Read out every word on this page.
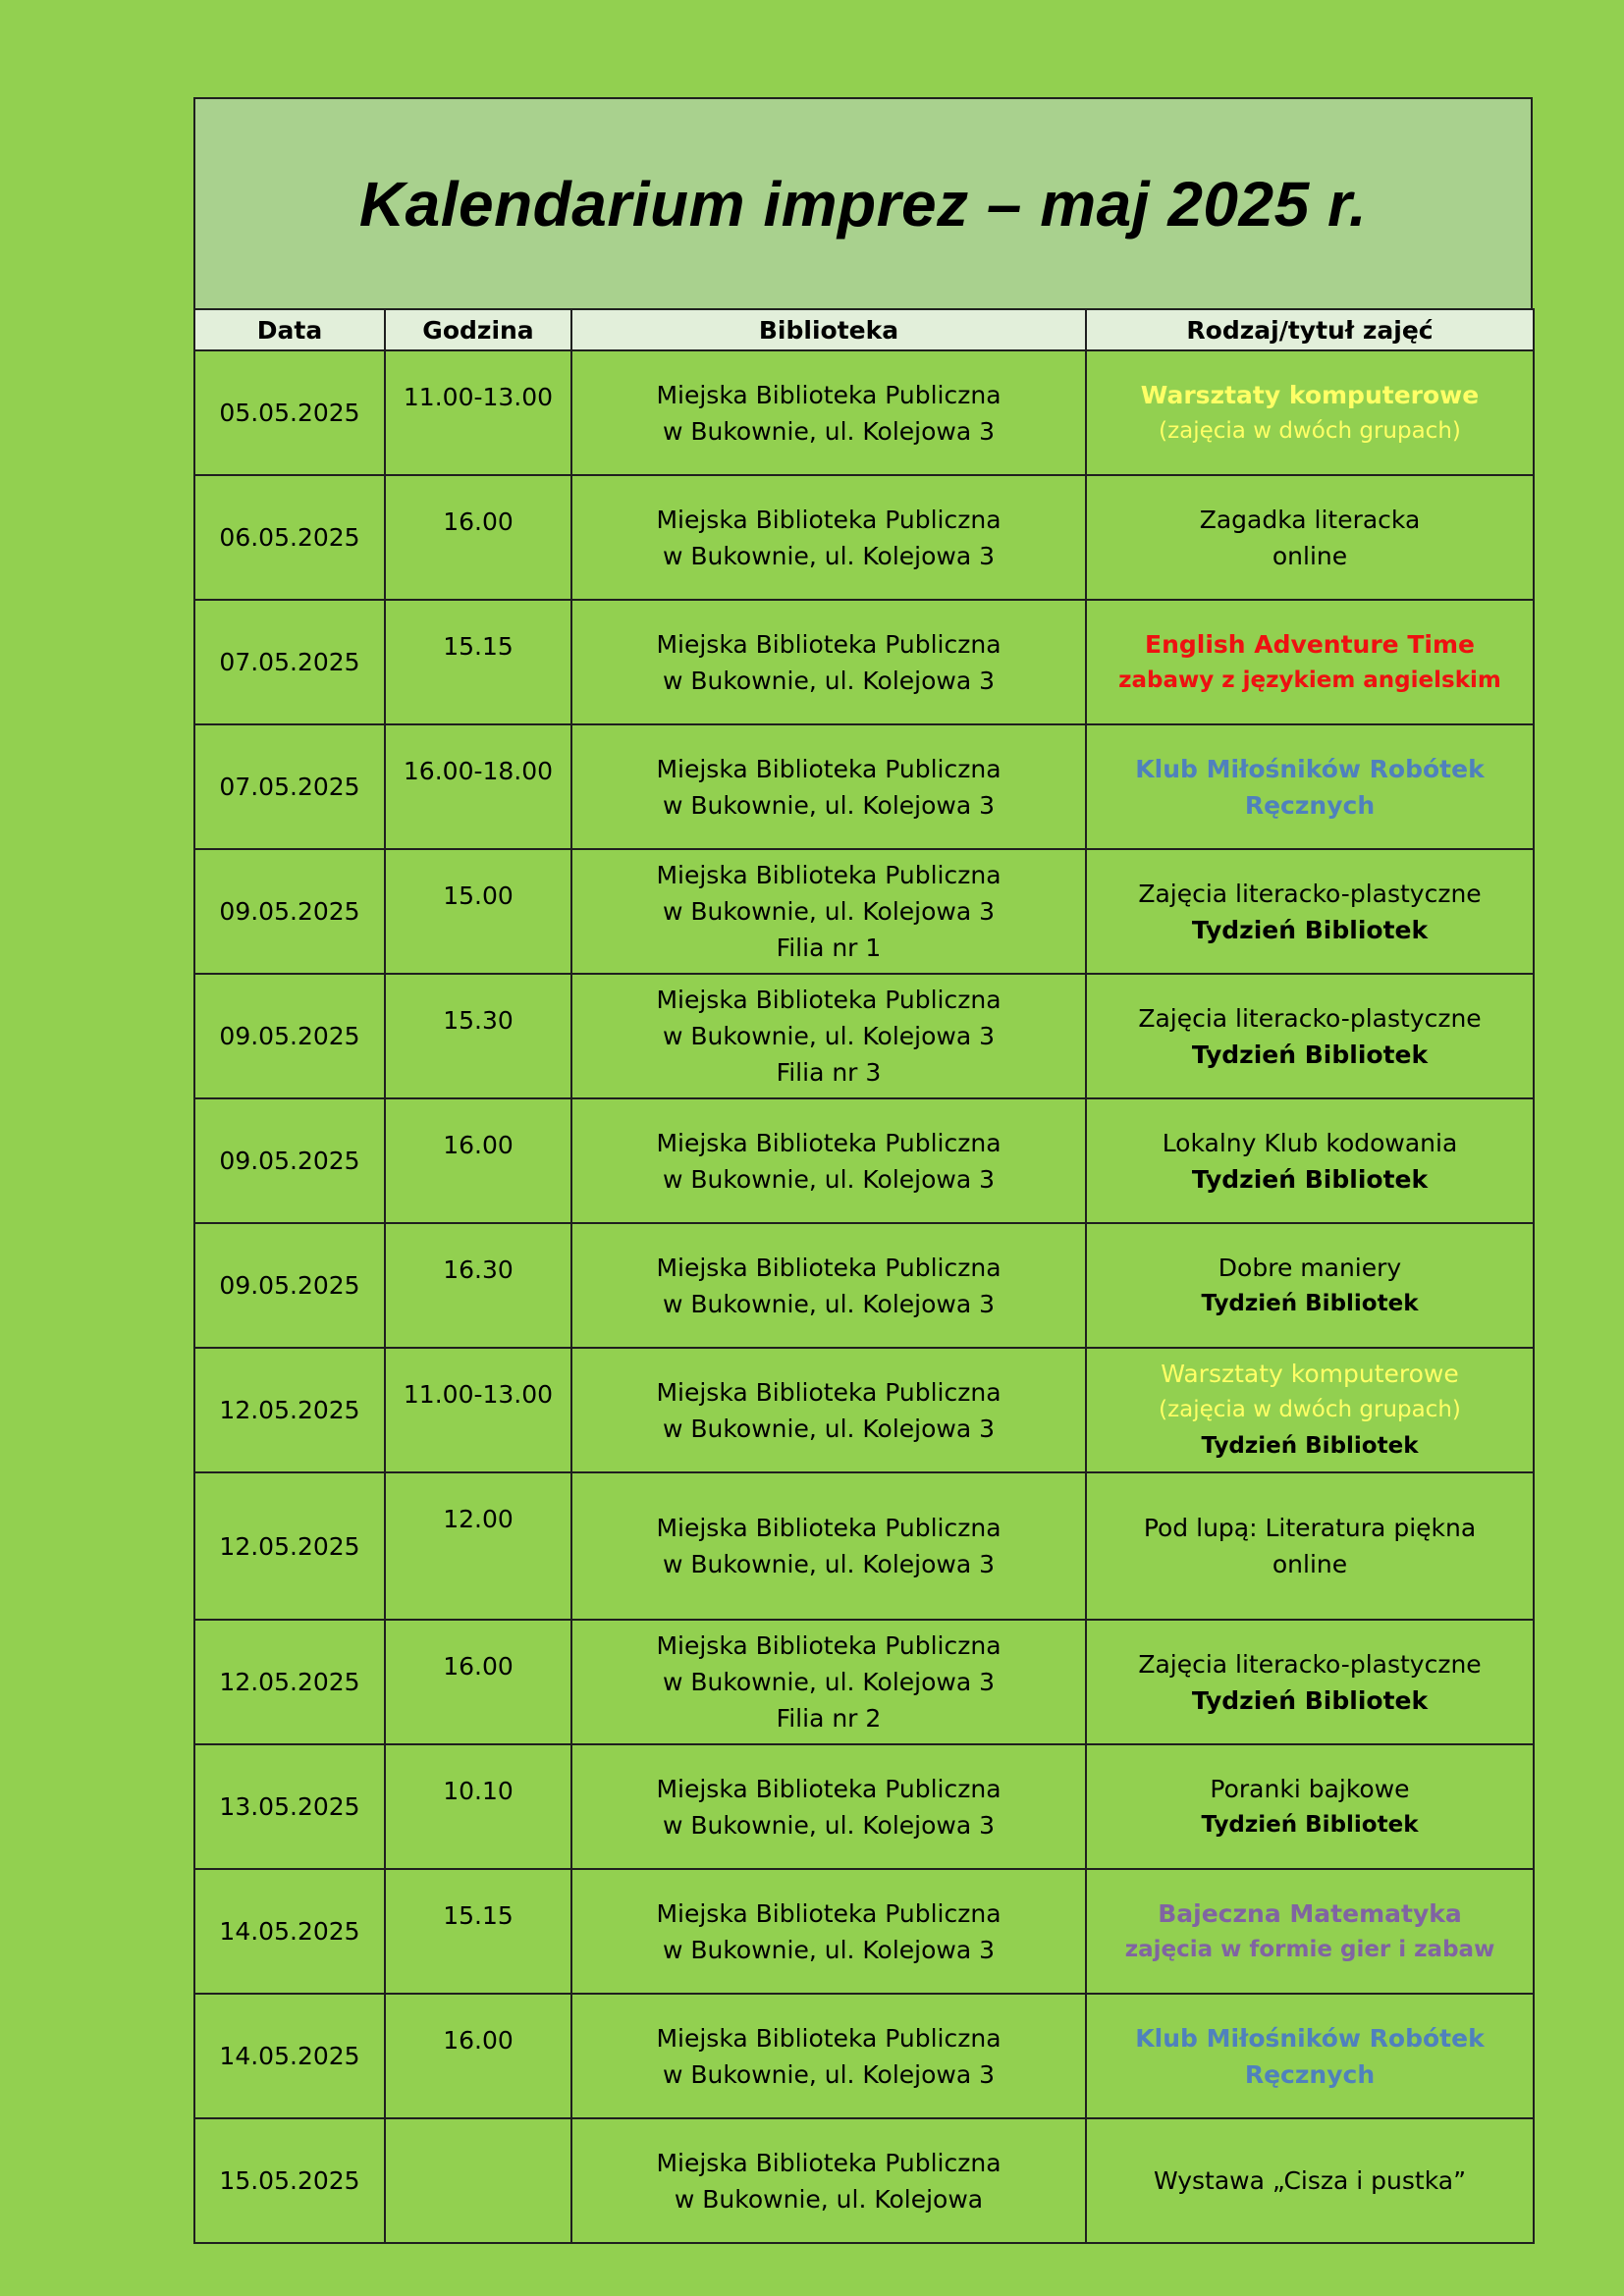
Kalendarium imprez – maj 2025 r.
Data	Godzina	Biblioteka	Rodzaj/tytuł zajęć
05.05.2025	11.00-13.00	Miejska Biblioteka Publiczna
w Bukownie, ul. Kolejowa 3	Warsztaty komputerowe
(zajęcia w dwóch grupach)

06.05.2025	16.00	Miejska Biblioteka Publiczna
w Bukownie, ul. Kolejowa 3	Zagadka literacka
online

07.05.2025	15.15	Miejska Biblioteka Publiczna
w Bukownie, ul. Kolejowa 3	English Adventure Time
zabawy z językiem angielskim

07.05.2025	16.00-18.00	Miejska Biblioteka Publiczna
w Bukownie, ul. Kolejowa 3	Klub Miłośników Robótek
Ręcznych

09.05.2025	15.00	Miejska Biblioteka Publiczna
w Bukownie, ul. Kolejowa 3
Filia nr 1	Zajęcia literacko-plastyczne
Tydzień Bibliotek

09.05.2025	15.30	Miejska Biblioteka Publiczna
w Bukownie, ul. Kolejowa 3
Filia nr 3	Zajęcia literacko-plastyczne
Tydzień Bibliotek

09.05.2025	16.00	Miejska Biblioteka Publiczna
w Bukownie, ul. Kolejowa 3	Lokalny Klub kodowania
Tydzień Bibliotek

09.05.2025	16.30	Miejska Biblioteka Publiczna
w Bukownie, ul. Kolejowa 3	Dobre maniery
Tydzień Bibliotek

12.05.2025	11.00-13.00	Miejska Biblioteka Publiczna
w Bukownie, ul. Kolejowa 3	Warsztaty komputerowe
(zajęcia w dwóch grupach)
Tydzień Bibliotek

12.05.2025	12.00	Miejska Biblioteka Publiczna
w Bukownie, ul. Kolejowa 3	Pod lupą: Literatura piękna
online

12.05.2025	16.00	Miejska Biblioteka Publiczna
w Bukownie, ul. Kolejowa 3
Filia nr 2	Zajęcia literacko-plastyczne
Tydzień Bibliotek

13.05.2025	10.10	Miejska Biblioteka Publiczna
w Bukownie, ul. Kolejowa 3	Poranki bajkowe
Tydzień Bibliotek

14.05.2025	15.15	Miejska Biblioteka Publiczna
w Bukownie, ul. Kolejowa 3	Bajeczna Matematyka
zajęcia w formie gier i zabaw

14.05.2025	16.00	Miejska Biblioteka Publiczna
w Bukownie, ul. Kolejowa 3	Klub Miłośników Robótek
Ręcznych

15.05.2025		Miejska Biblioteka Publiczna
w Bukownie, ul. Kolejowa	Wystawa „Cisza i pustka”
